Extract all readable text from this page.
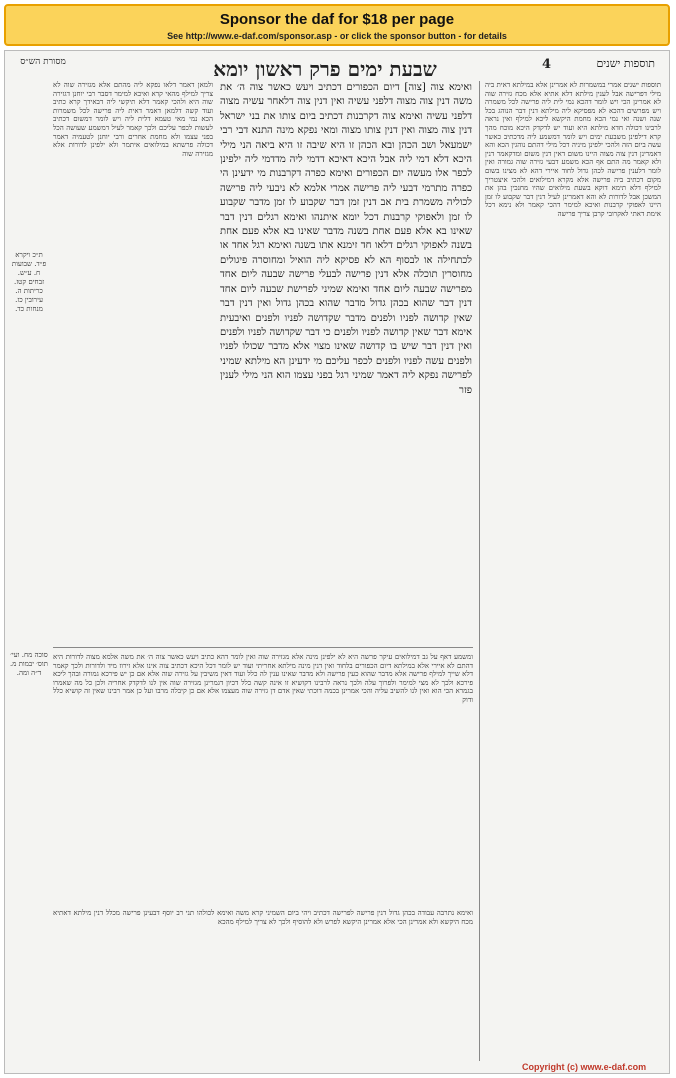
Sponsor the daf for $18 per page
See http://www.e-daf.com/sponsor.asp - or click the sponsor button - for details
שבעת ימים פרק ראשון יומא	4	תוספות ישנים
מסורת הש״ס
תוספות ישנים אמרי במשמרות לא אמרינן אלא במילתא דאית ביה מילי דפרישה אבל לענין מילתא דלא אתיא אלא מכח גזירה שוה לא אמרינן הכי ויש לומר דהכא נמי לית ליה פרישה לכל משמרה ויש מפרשים דהכא לא מפסיקא ליה מילתא דנין דבר הנוהג בכל שנה ושנה ואי נמי הכא מחמת היקשא ליכא למילף ואין נראה לרבינו דכולה חדא מילתא היא ועוד יש לדקדק היכא מוכח מהך קרא דילפינן משבעת ימים ויש לומר דמשמע ליה מדכתיב כאשר עשה ביום הזה ולהכי ילפינן מיניה דכל מילי דהתם נוהגין הכא והא דאמרינן דנין צוה מצוה היינו משום דאין דנין משום ומדקאמר דנין ולא קאמר מה התם אף הכא משמע דבעי גזירה שוה גמורה ואין לומר דלענין פרישה לכהן גדול לחוד איירי דהא לא מצינו בשום מקום דכתיב ביה פרישה אלא מקרא דמילואים ולהכי איצטריך למילף דלא תימא דוקא בשעת מילואים שהיו מחנכין בהן את המשכן אבל לדורות לא והא דאמרינן לעיל דנין דבר שקבוע לו זמן היינו לאפוקי קרבנות ואיכא למימר דהכי קאמר ולא נימא דכל אימת דאתי לאקרובי קרבן צריך פרישה
ולמאן דאמר דלאו נפקא ליה מהתם אלא מגזירה שוה לא צריך למילף מהאי קרא ואיכא למימר דסבר רבי יוחנן דגזירה שוה היא ולהכי קאמר דלא תיקשי ליה דבאידך קרא כתיב ועוד קשה דלמאן דאמר דאית ליה פרישה לכל משמרות הכא נמי מאי טעמא דלית ליה ויש לומר דמשום דכתיב לעשות לכפר עליכם ולכך קאמר לעיל דמשמע שעושה הכל בפני עצמו ולא מחמת אחרים ורבי יוחנן לטעמיה דאמר דכולה פרשתא במילואים איתמר ולא ילפינן לדורות אלא מגזירה שוה
ואימא צוה [צוה] דיום הכפורים דכתיב ויעש כאשר צוה ה׳ את משה דנין צוה מצוה דלפני עשיה ואין דנין צוה דלאחר עשיה מצוה דלפני עשיה ואימא צוה דקרבנות דכתיב ביום צותו את בני ישראל דנין צוה מצוה ואין דנין צותו מצוה ומאי נפקא מינה התנא דבי רבי ישמעאל ושב הכהן ובא הכהן זו היא שיבה זו היא ביאה הני מילי היכא דלא דמי ליה אבל היכא דאיכא דדמי ליה מדדמי ליה ילפינן לכפר אלו מעשה יום הכפורים ואימא כפרה דקרבנות מי ידעינן הי כפרה מתרמי דבעי ליה פרישה אמרי אלמא לא ניבעי ליה פרישה לכוליה משמרת בית אב דנין זמן דבר שקבוע לו זמן מדבר שקבוע לו זמן ולאפוקי קרבנות דכל יומא איתנהו ואימא רגלים דנין דבר שאינו בא אלא פעם אחת בשנה מדבר שאינו בא אלא פעם אחת בשנה לאפוקי רגלים דלאו חד זימנא אתו בשנה ואימא רגל אחד או לכתחילה או לבסוף הא לא פסיקא ליה הואיל ומחוסרה פיגולים מחוסרין תוכלה אלא דנין פרישה לבעלי פרישה שבעה ליום אחד מפרישה שבעה ליום אחד ואימא שמיני לפרישת שבעה ליום אחד דנין דבר שהוא בכהן גדול מדבר שהוא בכהן גדול ואין דנין דבר שאין קדושה לפניו ולפנים מדבר שקדושה לפניו ולפנים ואיבעית אימא דבר שאין קדושה לפניו ולפנים כי דבר שקדושה לפניו ולפנים ואין דנין דבר שיש בו קדושה שאינו מצוי אלא מדבר שכולו לפניו ולפנים עשה לפניו ולפנים לכפר עליכם מי ידעינן הא מילתא שמיני לפרישה נפקא ליה דאמר שמיני רגל בפני עצמו הוא הני מילי לענין פזר
ומשמע דאף על גב דמילואים עיקר פרשה היא לא ילפינן מינה אלא מגזירה שוה ואין לומר דהא כתיב ויעש כאשר צוה ה׳ את משה אלמא מצוה לדורות היא דהתם לא איירי אלא במילתא דיום הכפורים בלחוד ואין דנין מינה מילתא אחריתי ועוד יש לומר דכל היכא דכתיב צוה אינו אלא זירוז מיד ולדורות ולכך קאמר דלא שייך למילף פרישה אלא מדבר שהוא כעין פרישה ולא מדבר שאינו ענין לה כלל ועוד דאין משיבין על גזירה שוה אלא אם כן יש פירכא גמורה ובהך ליכא פירכא ולכך לא מצי למימר ולפרוך עלה ולכך נראה לרבינו דקושיא זו אינה קשה כלל דכיון דגמרינן מגזירה שוה אין לנו לדקדק אחריה ולכן כל מה שאמרו בגמרא הכי הוא ואין לנו להשיב עליה והכי אמרינן בכמה דוכתי שאין אדם דן גזירה שוה מעצמו אלא אם כן קיבלה מרבו ועל כן אמר רבינו שאין זה קושיא כלל ודוק
ואימא נתרבה עבודה בכהן גדול דנין פרישה לפרישה דכתיב ויהי ביום השמיני קרא משה ואימא לכולהו תני רב יוסף דבעינן פרישה מכלל דנין מילתא דאתיא מכח היקשא ולא אמרינן הכי אלא אמרינן היקשא לפרש ולא להוסיף ולכך לא צריך למילף מהכא
ת״כ ויקרא פ״ד. שבועות ח. ע״ש. זבחים קטז. כריתות ה. עירובין כז. מנחות כד.
סוכה מח. ועי׳ תוס׳ יבמות מ. ד״ה ומה.
Copyright (c) www.e-daf.com
